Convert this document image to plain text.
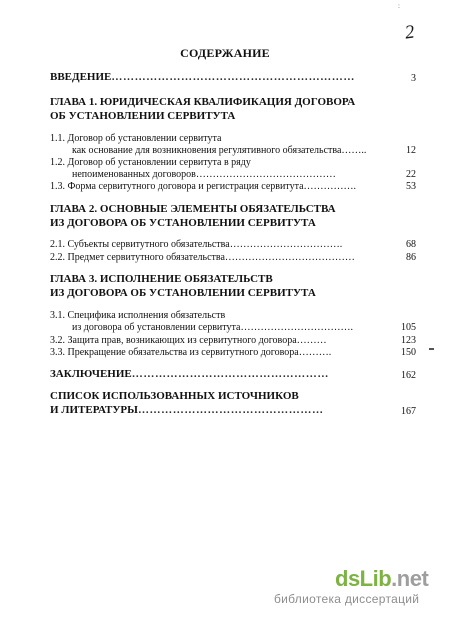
:
2
СОДЕРЖАНИЕ
ВВЕДЕНИЕ………………………………………………………	3
ГЛАВА 1. ЮРИДИЧЕСКАЯ КВАЛИФИКАЦИЯ ДОГОВОРА
ОБ УСТАНОВЛЕНИИ СЕРВИТУТА
1.1. Договор об установлении сервитута
как основание для возникновения регулятивного обязательства……..	12
1.2. Договор об установлении сервитута в ряду
непоименованных договоров……………………………………	22
1.3. Форма сервитутного договора и регистрация сервитута…………….	53
ГЛАВА 2. ОСНОВНЫЕ ЭЛЕМЕНТЫ ОБЯЗАТЕЛЬСТВА
ИЗ ДОГОВОРА ОБ УСТАНОВЛЕНИИ СЕРВИТУТА
2.1. Субъекты сервитутного обязательства…………………………….	68
2.2. Предмет сервитутного обязательства…………………………………	86
ГЛАВА 3. ИСПОЛНЕНИЕ ОБЯЗАТЕЛЬСТВ
ИЗ ДОГОВОРА ОБ УСТАНОВЛЕНИИ СЕРВИТУТА
3.1. Специфика исполнения обязательств
из договора об установлении сервитута…………………………….	105
3.2. Защита прав, возникающих из сервитутного договора………	123
3.3. Прекращение обязательства из сервитутного договора……….	150
ЗАКЛЮЧЕНИЕ……………………………………………	162
СПИСОК ИСПОЛЬЗОВАННЫХ ИСТОЧНИКОВ
И ЛИТЕРАТУРЫ…………………………………………	167
dsLib.net
библиотека диссертаций
